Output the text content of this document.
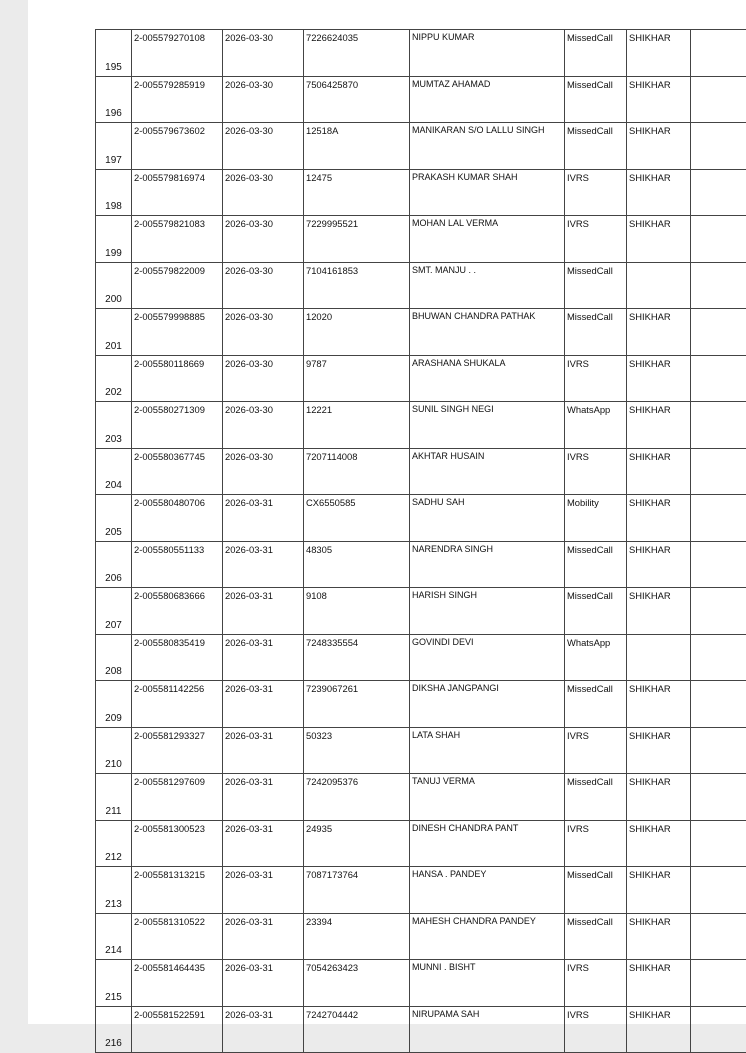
195	2-005579270108	2026-03-30	7226624035	NIPPU KUMAR	MissedCall	SHIKHAR	
196	2-005579285919	2026-03-30	7506425870	MUMTAZ AHAMAD	MissedCall	SHIKHAR	
197	2-005579673602	2026-03-30	12518A	MANIKARAN S/O LALLU SINGH	MissedCall	SHIKHAR	
198	2-005579816974	2026-03-30	12475	PRAKASH KUMAR SHAH	IVRS	SHIKHAR	
199	2-005579821083	2026-03-30	7229995521	MOHAN LAL VERMA	IVRS	SHIKHAR	
200	2-005579822009	2026-03-30	7104161853	SMT. MANJU . .	MissedCall		
201	2-005579998885	2026-03-30	12020	BHUWAN CHANDRA PATHAK	MissedCall	SHIKHAR	
202	2-005580118669	2026-03-30	9787	ARASHANA SHUKALA	IVRS	SHIKHAR	
203	2-005580271309	2026-03-30	12221	SUNIL SINGH NEGI	WhatsApp	SHIKHAR	
204	2-005580367745	2026-03-30	7207114008	AKHTAR HUSAIN	IVRS	SHIKHAR	
205	2-005580480706	2026-03-31	CX6550585	SADHU SAH	Mobility	SHIKHAR	
206	2-005580551133	2026-03-31	48305	NARENDRA SINGH	MissedCall	SHIKHAR	
207	2-005580683666	2026-03-31	9108	HARISH SINGH	MissedCall	SHIKHAR	
208	2-005580835419	2026-03-31	7248335554	GOVINDI DEVI	WhatsApp		
209	2-005581142256	2026-03-31	7239067261	DIKSHA JANGPANGI	MissedCall	SHIKHAR	
210	2-005581293327	2026-03-31	50323	LATA SHAH	IVRS	SHIKHAR	
211	2-005581297609	2026-03-31	7242095376	TANUJ VERMA	MissedCall	SHIKHAR	
212	2-005581300523	2026-03-31	24935	DINESH CHANDRA PANT	IVRS	SHIKHAR	
213	2-005581313215	2026-03-31	7087173764	HANSA . PANDEY	MissedCall	SHIKHAR	
214	2-005581310522	2026-03-31	23394	MAHESH CHANDRA PANDEY	MissedCall	SHIKHAR	
215	2-005581464435	2026-03-31	7054263423	MUNNI . BISHT	IVRS	SHIKHAR	
216	2-005581522591	2026-03-31	7242704442	NIRUPAMA SAH	IVRS	SHIKHAR	
